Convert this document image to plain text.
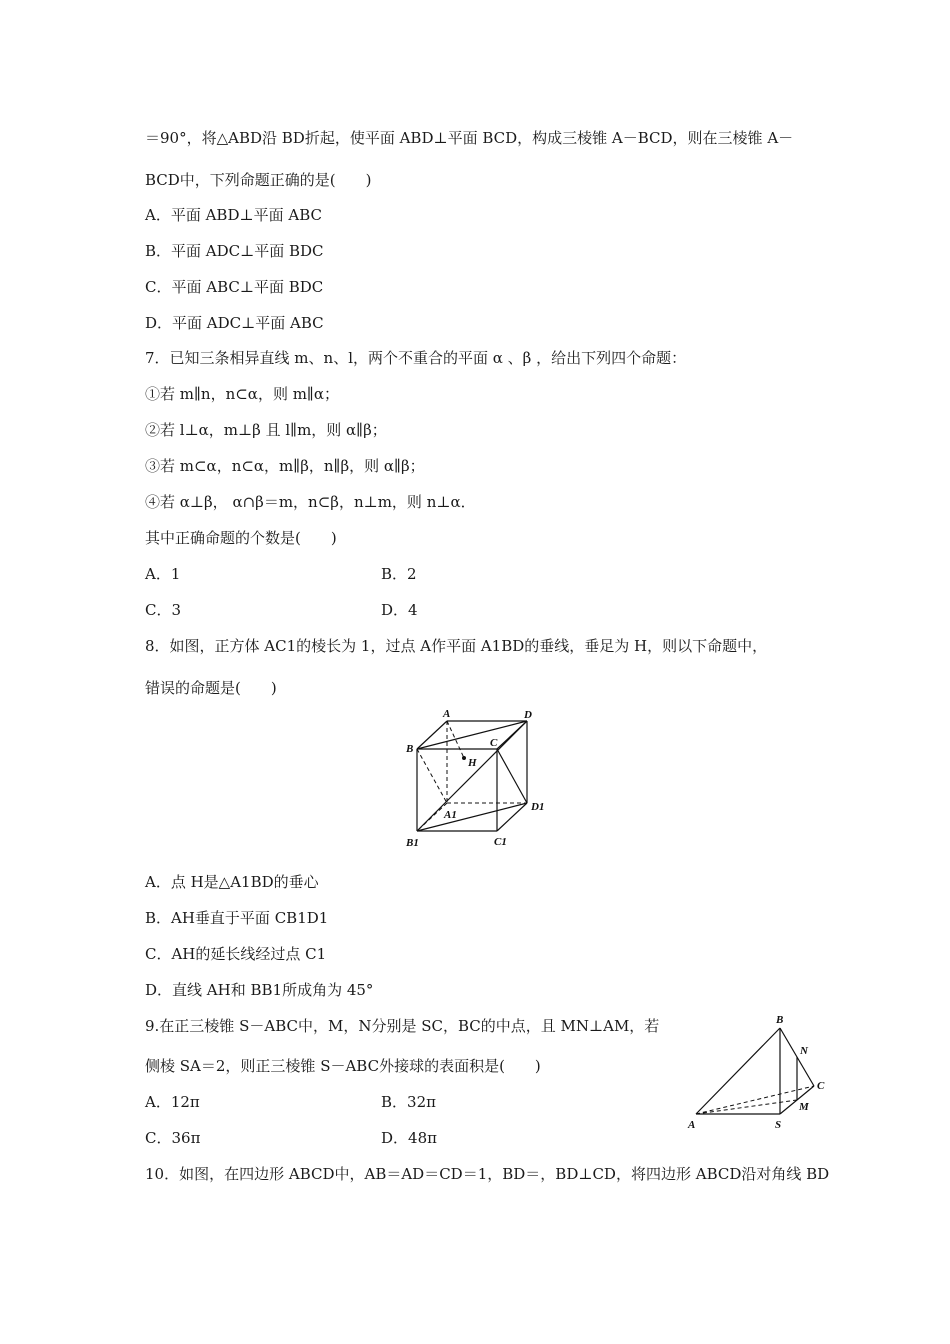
＝90°，将△ABD沿 BD折起，使平面 ABD⊥平面 BCD，构成三棱锥 A－BCD，则在三棱锥 A－
BCD中，下列命题正确的是(　　)
A．平面 ABD⊥平面 ABC
B．平面 ADC⊥平面 BDC
C．平面 ABC⊥平面 BDC
D．平面 ADC⊥平面 ABC
7．已知三条相异直线 m、n、l，两个不重合的平面 α 、β ，给出下列四个命题：
①若 m∥n，n⊂α，则 m∥α；
②若 l⊥α，m⊥β 且 l∥m，则 α∥β；
③若 m⊂α，n⊂α，m∥β，n∥β，则 α∥β；
④若 α⊥β， α∩β＝m，n⊂β，n⊥m，则 n⊥α．
其中正确命题的个数是(　　)
A．1	B．2
C．3	D．4
8．如图，正方体 AC1的棱长为 1，过点 A作平面 A1BD的垂线，垂足为 H，则以下命题中，
错误的命题是(　　)
A	D
B	C
H
A1
D1
B1	C1
A．点 H是△A1BD的垂心
B．AH垂直于平面 CB1D1
C．AH的延长线经过点 C1
D．直线 AH和 BB1所成角为 45°
9.在正三棱锥 S－ABC中，M，N分别是 SC，BC的中点，且 MN⊥AM，若
侧棱 SA＝2，则正三棱锥 S－ABC外接球的表面积是(　　)
A．12π	B．32π
C．36π	D．48π
B
N
C
M
A	S
10．如图，在四边形 ABCD中，AB＝AD＝CD＝1，BD＝，BD⊥CD，将四边形 ABCD沿对角线 BD
